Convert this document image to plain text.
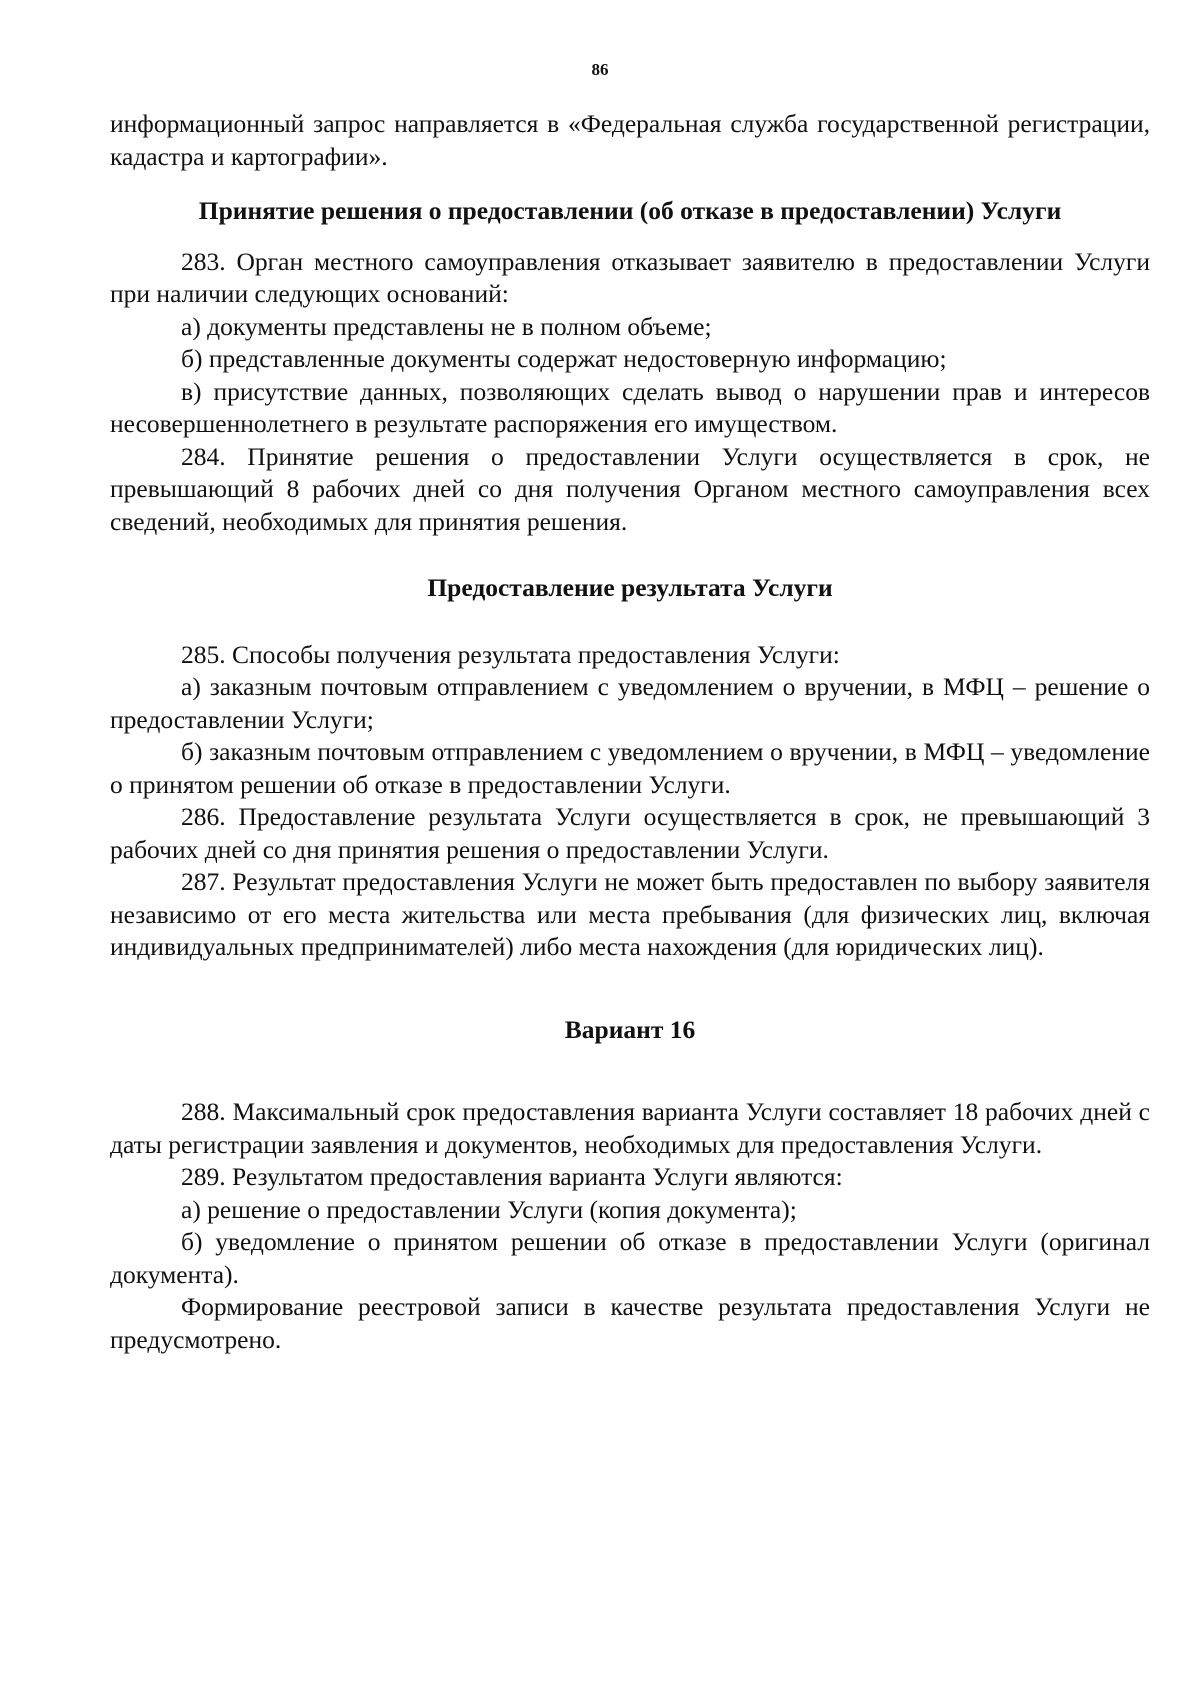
86

информационный запрос направляется в «Федеральная служба государственной регистрации, кадастра и картографии».

Принятие решения о предоставлении (об отказе в предоставлении) Услуги

283. Орган местного самоуправления отказывает заявителю в предоставлении Услуги при наличии следующих оснований:

а) документы представлены не в полном объеме;

б) представленные документы содержат недостоверную информацию;

в) присутствие данных, позволяющих сделать вывод о нарушении прав и интересов несовершеннолетнего в результате распоряжения его имуществом.

284. Принятие решения о предоставлении Услуги осуществляется в срок, не превышающий 8 рабочих дней со дня получения Органом местного самоуправления всех сведений, необходимых для принятия решения.

Предоставление результата Услуги

285. Способы получения результата предоставления Услуги:

а) заказным почтовым отправлением с уведомлением о вручении, в МФЦ – решение о предоставлении Услуги;

б) заказным почтовым отправлением с уведомлением о вручении, в МФЦ – уведомление о принятом решении об отказе в предоставлении Услуги.

286. Предоставление результата Услуги осуществляется в срок, не превышающий 3 рабочих дней со дня принятия решения о предоставлении Услуги.

287. Результат предоставления Услуги не может быть предоставлен по выбору заявителя независимо от его места жительства или места пребывания (для физических лиц, включая индивидуальных предпринимателей) либо места нахождения (для юридических лиц).

Вариант 16

288. Максимальный срок предоставления варианта Услуги составляет 18 рабочих дней с даты регистрации заявления и документов, необходимых для предоставления Услуги.

289. Результатом предоставления варианта Услуги являются:

а) решение о предоставлении Услуги (копия документа);

б) уведомление о принятом решении об отказе в предоставлении Услуги (оригинал документа).

Формирование реестровой записи в качестве результата предоставления Услуги не предусмотрено.
